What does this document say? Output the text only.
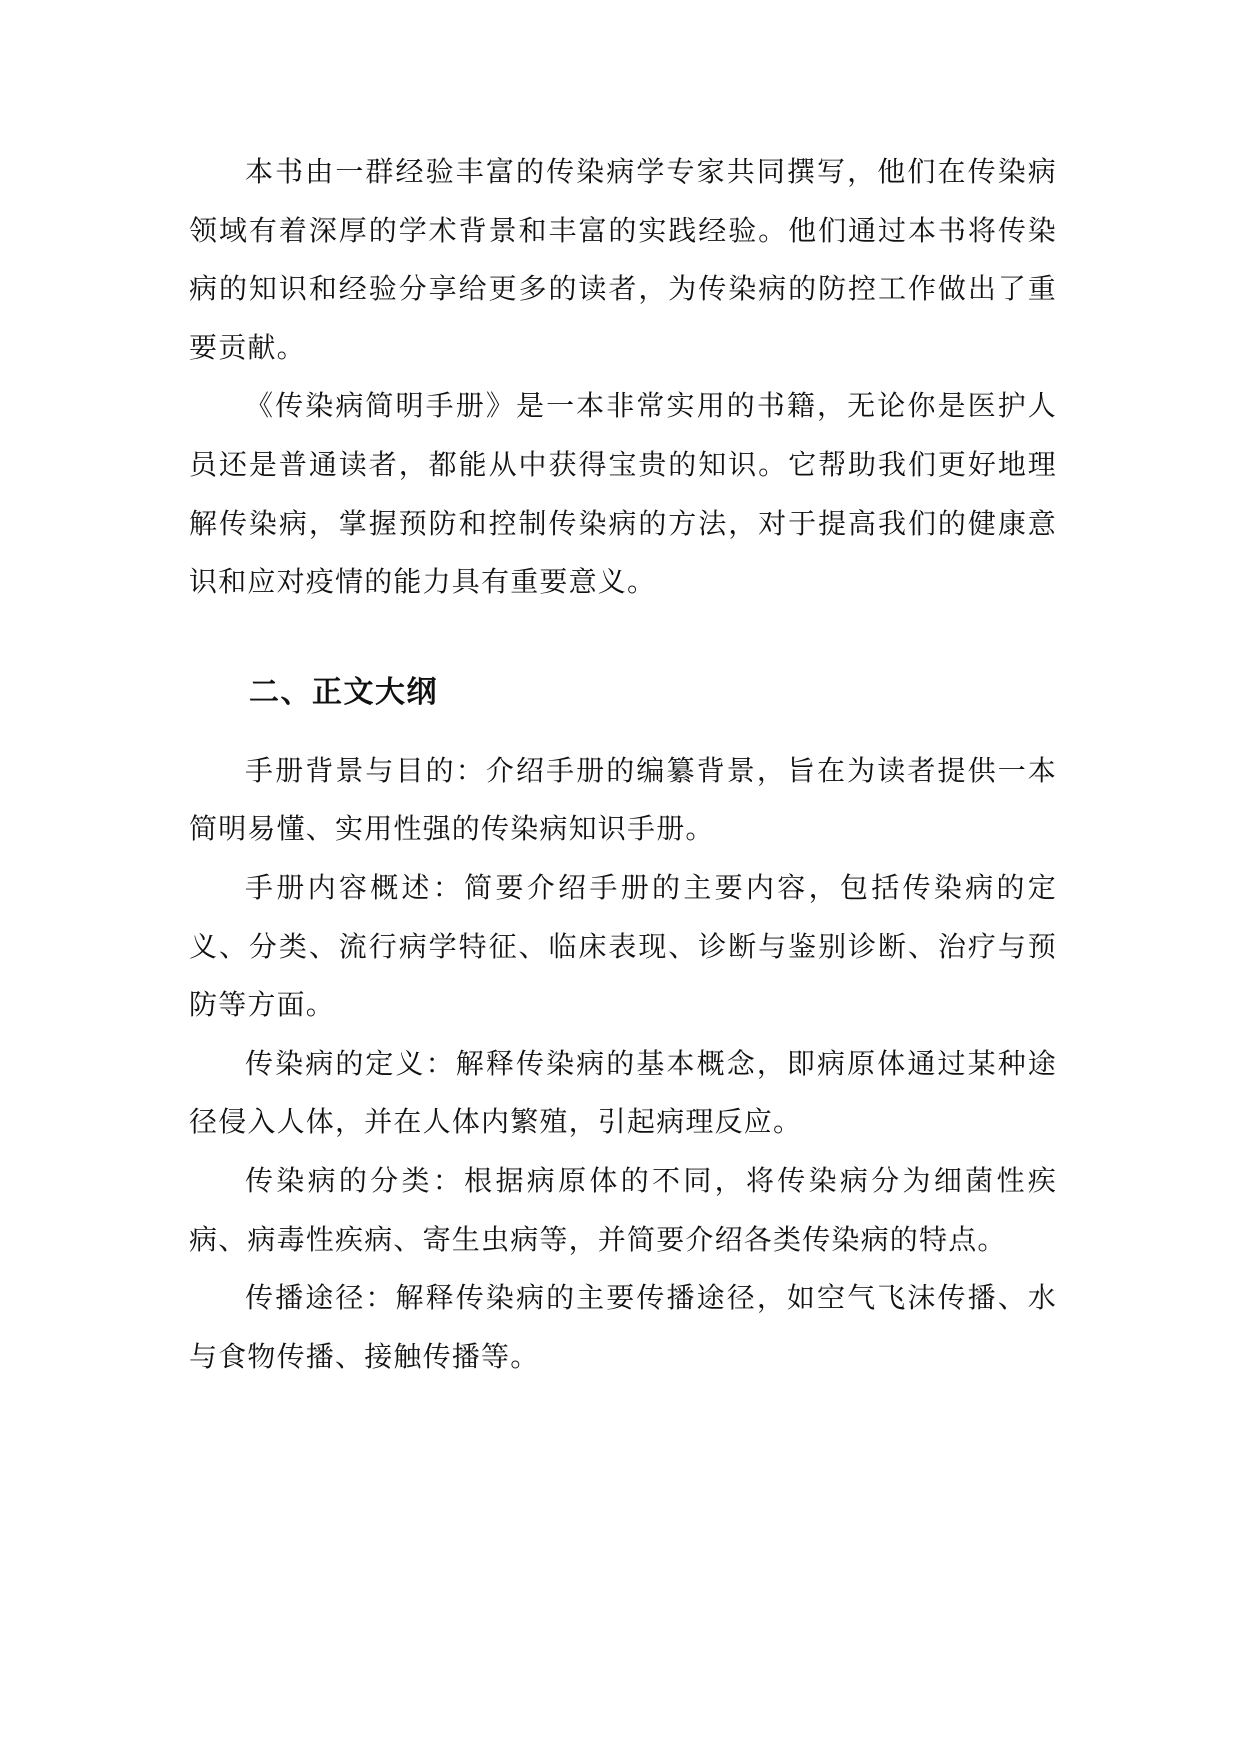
本书由一群经验丰富的传染病学专家共同撰写，他们在传染病领域有着深厚的学术背景和丰富的实践经验。他们通过本书将传染病的知识和经验分享给更多的读者，为传染病的防控工作做出了重要贡献。

《传染病简明手册》是一本非常实用的书籍，无论你是医护人员还是普通读者，都能从中获得宝贵的知识。它帮助我们更好地理解传染病，掌握预防和控制传染病的方法，对于提高我们的健康意识和应对疫情的能力具有重要意义。

二、正文大纲

手册背景与目的：介绍手册的编纂背景，旨在为读者提供一本简明易懂、实用性强的传染病知识手册。

手册内容概述：简要介绍手册的主要内容，包括传染病的定义、分类、流行病学特征、临床表现、诊断与鉴别诊断、治疗与预防等方面。

传染病的定义：解释传染病的基本概念，即病原体通过某种途径侵入人体，并在人体内繁殖，引起病理反应。

传染病的分类：根据病原体的不同，将传染病分为细菌性疾病、病毒性疾病、寄生虫病等，并简要介绍各类传染病的特点。

传播途径：解释传染病的主要传播途径，如空气飞沫传播、水与食物传播、接触传播等。
